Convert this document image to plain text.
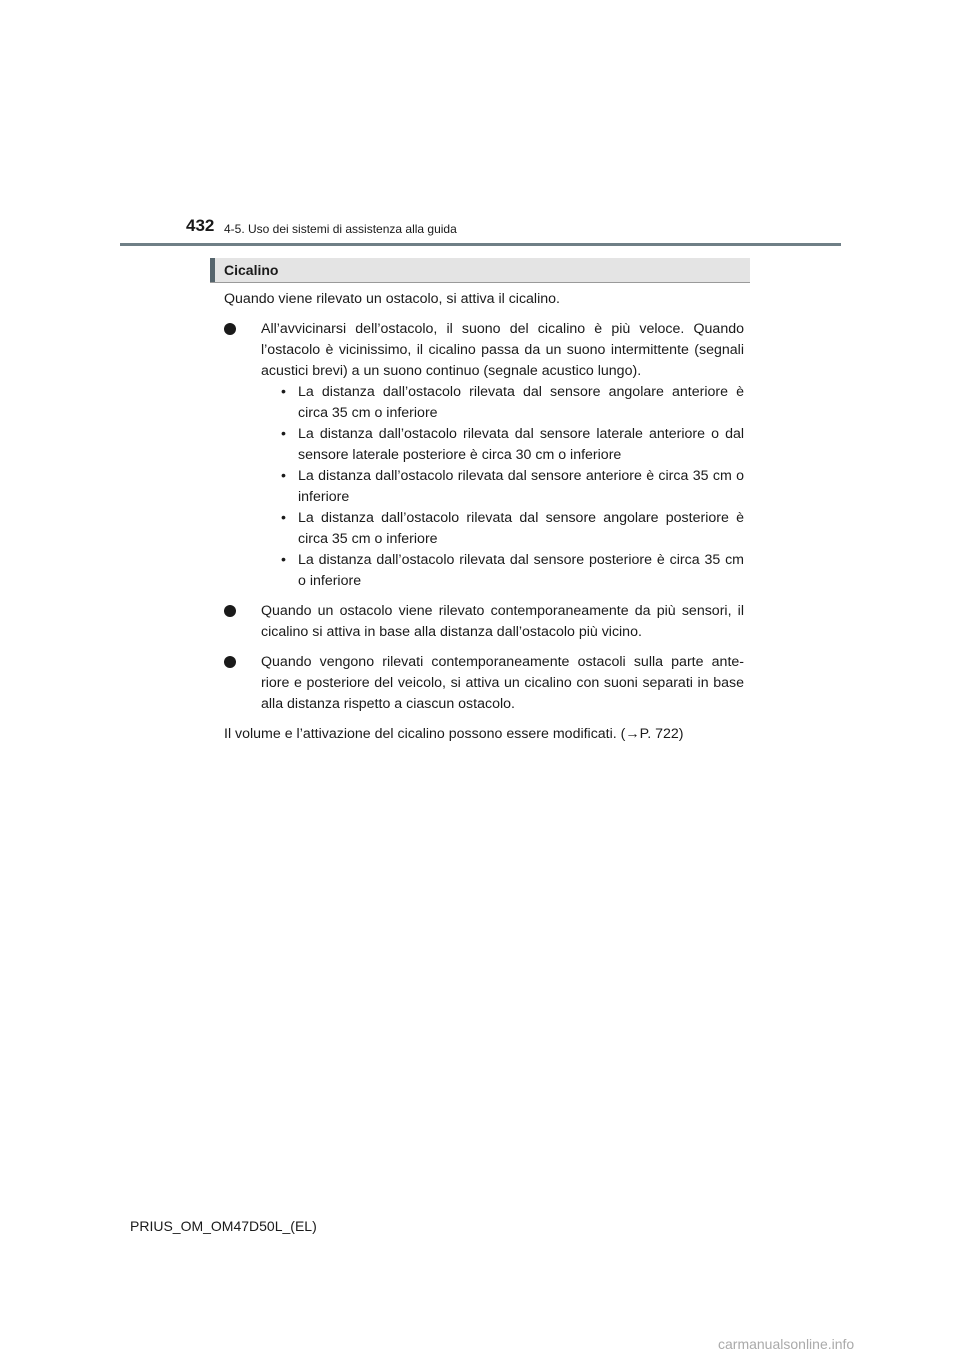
432 4-5. Uso dei sistemi di assistenza alla guida
Cicalino

Quando viene rilevato un ostacolo, si attiva il cicalino.

All’avvicinarsi dell’ostacolo, il suono del cicalino è più veloce. Quando l’ostacolo è vicinissimo, il cicalino passa da un suono intermittente (segnali acustici brevi) a un suono continuo (segnale acustico lungo).
• La distanza dall’ostacolo rilevata dal sensore angolare anteriore è circa 35 cm o inferiore
• La distanza dall’ostacolo rilevata dal sensore laterale anteriore o dal sensore laterale posteriore è circa 30 cm o inferiore
• La distanza dall’ostacolo rilevata dal sensore anteriore è circa 35 cm o inferiore
• La distanza dall’ostacolo rilevata dal sensore angolare posteriore è circa 35 cm o inferiore
• La distanza dall’ostacolo rilevata dal sensore posteriore è circa 35 cm o inferiore
Quando un ostacolo viene rilevato contemporaneamente da più sensori, il cicalino si attiva in base alla distanza dall’ostacolo più vicino.
Quando vengono rilevati contemporaneamente ostacoli sulla parte ante- riore e posteriore del veicolo, si attiva un cicalino con suoni separati in base alla distanza rispetto a ciascun ostacolo.

Il volume e l’attivazione del cicalino possono essere modificati. (→P. 722)

PRIUS_OM_OM47D50L_(EL)
carmanualsonline.info
